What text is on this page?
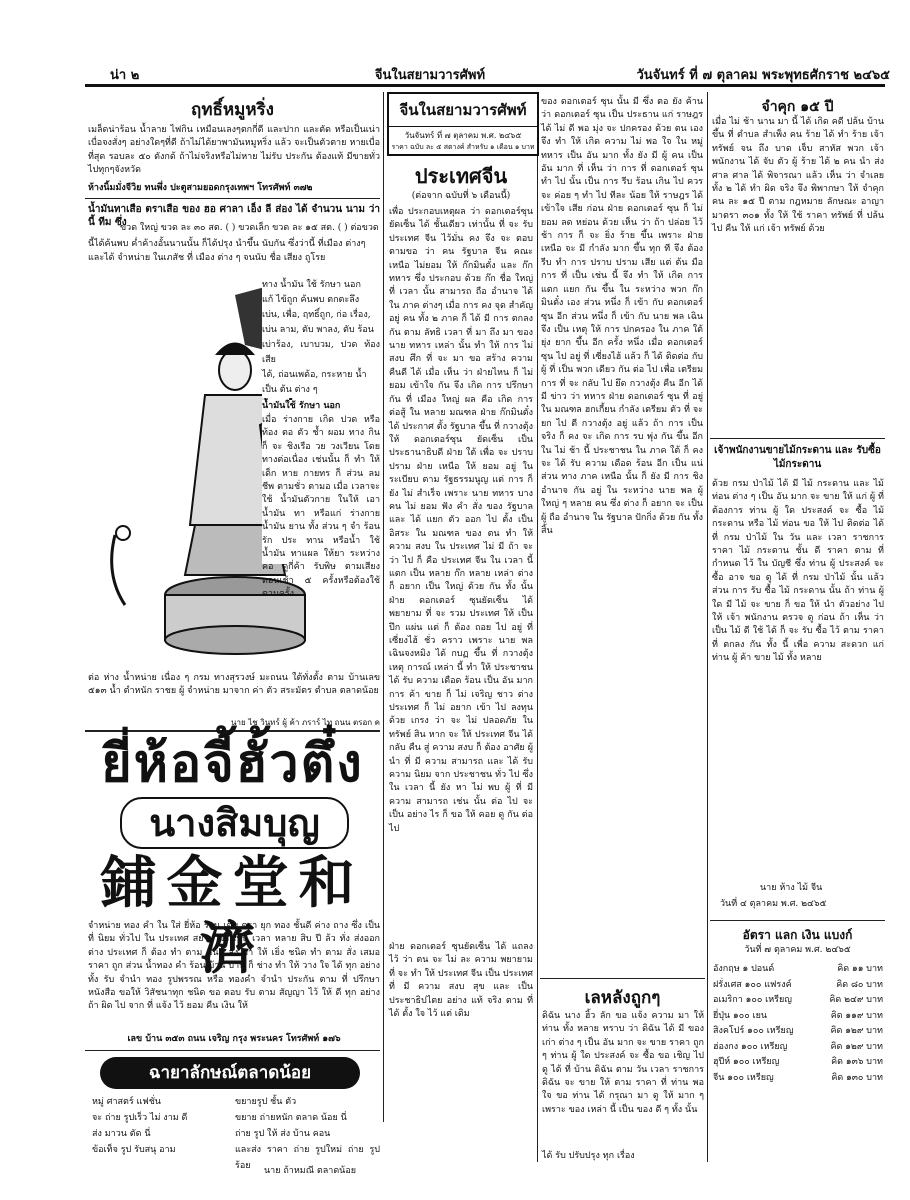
น่า ๒	จีนในสยามวารศัพท์	วันจันทร์ ที่ ๗ ตุลาคม พระพุทธศักราช ๒๔๖๕
ฤทธิ์หมูหริ่ง
เมล็ดน่าร้อน น้ำลาย ไฟกิน เหมือนเลงๆตกกี่ดี และปาก และตัด หรือเป็นเน่า เบื่อจงสั่งๆ อย่างใดๆที่ดี ถ้าไม่ได้ยาพามันหมูหริ่ง แล้ว จะเป็นตัวตาย หายเบื่อที่สุด รอบละ ๕๐ ตังกด้ ถ้าไม่จริงหรือไม่หาย ไม่รับ ประกัน ต้องแท้ มีขายทั่วไปทุกๆจังหวัด
ห้างนิ้มมั่งจีวิย ทนพึ่ง ปะตูสามยอดกรุงเทพฯ โทรศัพท์ ๓๗๒
น้ำมันทาเสือ ตราเสือ ของ ฮอ ศาลา เอ็ง ลี ส่อง ได้ จำนวน นาม ว่า นี้ ทีม ซึ่ง
ขวด ใหญ่ ขวด ละ ๓๐ สต. ( ) ขวดเล็ก ขวด ละ ๑๕ สต. ( ) ต่อขวด
นี้ได้ค้นพบ ค่ำค้างอั้นนานนั้น ก็ได้ปรุง นำขึ้น นับกัน ซึ่งว่านี้ ที่เมือง ต่างๆ
และได้ จำหน่าย ในเภสัช ที่ เมือง ต่าง ๆ จนนับ ชื่อ เสียง ถูโรย

ทาง น้ำมัน ใช้ รักษา นอก

แก้ ไข้ถูก ค้นพบ ตกตะลึง

เบ่น, เพื่อ, ฤทธิ์ถูก, ก่อ เรื่อง,

เบ่น ลาม, ตับ พาลง, ตับ ร้อน

เบ่าร้อง, เบาบวม, ปวด ท้อง เสีย

ได้, ถ่อนเพด้อ, กระหาย น้ำ

เป็น ต้น ต่าง ๆ

น้ำมันใช้ รักษา นอก
เมื่อ ร่างกาย เกิด ปวด หรือ ท้อง ตอ ตัว ช้ำ ผอม ทาง กิน ก็ จะ ชิงเรือ วย วงเวียน โดย ทางต่อเนื่อง เช่นนั้น ก็ ทำ ให้ เด็ก หาย กายทร ก็ ส่วน ลม ชีพ ตามชั่ว ตามอ เมื่อ เวลาจะใช้ น้ำมันตัวกาย ในให้ เอาน้ำมัน ทา หรือแก่ ร่างกาย น้ำมัน ยาน ทั้ง ส่วน ๆ จำ ร้อน รัก ประ ทาน หรือน้ำ ใช้ น้ำมัน ทาแผล ให้ยา ระหว่าง คอ ดูกี่ค้า รับพิษ ตามเสียง ตอนเช้า ๕ ครั้งหรือต้องใช้ ตามครั้ง
ต่อ ห่าง น้ำหน่าย เนื่อง ๆ กรม ทางสุรวงษ์ มะถนน ใต้ทั่งตั้ง ตาม บ้านเลข ๕๑๓ น้ำ ตำหนัก ราชย ผู้ จำหน่าย มาจาก ค่า ตัว สระมัตร ตำบล ตลาดน้อย
นาย ไช วินทร์ ผู้ ค้า ภราร์ ไท ถนน ตรอก ค
ยี่ห้อจี้ฮั้วตึ๋ง
นางสิมบุญ
鋪金堂和濟
จำหน่าย ทอง คำ ใน ใส่ ยี่ห้อ ร้อน เต็ม ตรา ยุก ทอง ชั้นดี ค่าง ถาง ซึ่ง เป็น ที่ นิยม ทั่วไป ใน ประเทศ สยาม มา เป็น เวลา หลาย สิบ ปี ล้ว ทั่ง ส่งออก ต่าง ประเทศ ก็ ต้อง ทำ ตาม ชั้นดี ส่ง มา ให้ เยิ่ง ชนิด ทำ ตาม สั่ง เสมอ ราคา ถูก ส่วน น้ำทอง คำ ร้อน บ้าน บ้าน ก็ ช่าง ทำ ให้ วาง ใจ ได้ ทุก อย่าง ทั้ง รับ จำนำ ทอง รูปพรรณ หรือ ทองคำ จำนำ ประกัน ตาม ที่ ปรึกษา หนังสือ ขอให้ วิสัชนาทุก ชนิด ขอ ตอบ รับ ตาม สัญญา ไว้ ให้ ดี ทุก อย่าง ถ้า ผิด ไป จาก ที่ แจ้ง ไว้ ยอม คืน เงิน ให้
เลข บ้าน ๓๕๓ ถนน เจริญ กรุง พระนคร โทรศัพท์ ๑๗๖
ฉายาลักษณ์ตลาดน้อย

หมู่ ศาสตร์ แฟชั่น

จะ ถ่าย รูปเร็ว ไม่ งาม ดี

ส่ง มาวน ตัด นี่

ข้อเท็จ รูป รับสนุ อาม

ขยายรูป ชั้น ตัว

ขยาย ถ่ายหนัก ตลาด น้อย นี่

ถ่าย รูป ให้ ส่ง บ้าน คอน

และส่ง ราคา ถ่าย รูปใหม่ ถ่าย รูป ร้อย	นาย ถ้าหมณี ตลาดน้อย
จีนในสยามวารศัพท์
วันจันทร์ ที่ ๗ ตุลาคม พ.ศ. ๒๔๖๕
ราคา ฉบับ ละ ๕ สตางค์ สำหรับ ๑ เดือน ๑ บาท
ประเทศจีน
(ต่อจาก ฉบับที่ ๖ เดือนนี้)
เพื่อ ประกอบเหตุผล ว่า ดอกเตอร์ซุนยัดเซ็น ได้ ชั้นเดียว เท่านั้น ที่ จะ รับ ประเทศ จีน ไว้มั่น คง จึง จะ ตอบ ตามขอ ว่า คน รัฐบาล จีน คณะ เหนือ ไม่ยอม ให้ ก๊กมินตั๋ง และ ก๊ก ทหาร ซึ่ง ประกอบ ด้วย ก๊ก ชื่อ ใหญ่ ที่ เวลา นั้น สามารถ ถือ อำนาจ ได้ ใน ภาค ต่างๆ เมื่อ การ คง จุด สำคัญ อยู่ คน ทั้ง ๒ ภาค ก็ ได้ มี การ ตกลง กัน ตาม ลัทธิ เวลา ที่ มา ถึง มา ของ นาย ทหาร เหล่า นั้น ทำ ให้ การ ไม่ สงบ ศึก ที่ จะ มา ขอ สร้าง ความ คืนดี ได้ เมื่อ เห็น ว่า ฝ่ายไหน ก็ ไม่ ยอม เข้าใจ กัน จึง เกิด การ ปรึกษา กัน ที่ เมือง ใหญ่ ผล คือ เกิด การ ต่อสู้ ใน หลาย มณฑล ฝ่าย ก๊กมินตั๋ง ได้ ประกาศ ตั้ง รัฐบาล ขึ้น ที่ กวางตุ้ง ให้ ดอกเตอร์ซุน ยัดเซ็น เป็น ประธานาธิบดี ฝ่าย ใต้ เพื่อ จะ ปราบ ปราม ฝ่าย เหนือ ให้ ยอม อยู่ ใน ระเบียบ ตาม รัฐธรรมนูญ แต่ การ ก็ ยัง ไม่ สำเร็จ เพราะ นาย ทหาร บาง คน ไม่ ยอม ฟัง คำ สั่ง ของ รัฐบาล และ ได้ แยก ตัว ออก ไป ตั้ง เป็น อิสระ ใน มณฑล ของ ตน ทำ ให้ ความ สงบ ใน ประเทศ ไม่ มี ถ้า จะ ว่า ไป ก็ คือ ประเทศ จีน ใน เวลา นี้ แตก เป็น หลาย ก๊ก หลาย เหล่า ต่าง ก็ อยาก เป็น ใหญ่ ด้วย กัน ทั้ง นั้น ฝ่าย ดอกเตอร์ ซุนยัดเซ็น ได้ พยายาม ที่ จะ รวม ประเทศ ให้ เป็น ปึก แผ่น แต่ ก็ ต้อง ถอย ไป อยู่ ที่ เซี่ยงไฮ้ ชั่ว คราว เพราะ นาย พล เฉินจงหมิง ได้ กบฏ ขึ้น ที่ กวางตุ้ง เหตุ การณ์ เหล่า นี้ ทำ ให้ ประชาชน ได้ รับ ความ เดือด ร้อน เป็น อัน มาก การ ค้า ขาย ก็ ไม่ เจริญ ชาว ต่าง ประเทศ ก็ ไม่ อยาก เข้า ไป ลงทุน ด้วย เกรง ว่า จะ ไม่ ปลอดภัย ใน ทรัพย์ สิน หาก จะ ให้ ประเทศ จีน ได้ กลับ คืน สู่ ความ สงบ ก็ ต้อง อาศัย ผู้ นำ ที่ มี ความ สามารถ และ ได้ รับ ความ นิยม จาก ประชาชน ทั่ว ไป ซึ่ง ใน เวลา นี้ ยัง หา ไม่ พบ ผู้ ที่ มี ความ สามารถ เช่น นั้น ต่อ ไป จะ เป็น อย่าง ไร ก็ ขอ ให้ คอย ดู กัน ต่อ ไป
ฝ่าย ดอกเตอร์ ซุนยัดเซ็น ได้ แถลง ไว้ ว่า ตน จะ ไม่ ละ ความ พยายาม ที่ จะ ทำ ให้ ประเทศ จีน เป็น ประเทศ ที่ มี ความ สงบ สุข และ เป็น ประชาธิปไตย อย่าง แท้ จริง ตาม ที่ ได้ ตั้ง ใจ ไว้ แต่ เดิม
ของ ดอกเตอร์ ซุน นั้น มี ซึ่ง ตอ ยัง ค้าน ว่า ดอกเตอร์ ซุน เป็น ประธาน แก่ ราษฎร ได้ ไม่ ดี พอ มุ่ง จะ ปกครอง ด้วย ตน เอง จึง ทำ ให้ เกิด ความ ไม่ พอ ใจ ใน หมู่ ทหาร เป็น อัน มาก ทั้ง ยัง มี ผู้ คน เป็น อัน มาก ที่ เห็น ว่า การ ที่ ดอกเตอร์ ซุน ทำ ไป นั้น เป็น การ รีบ ร้อน เกิน ไป ควร จะ ค่อย ๆ ทำ ไป ทีละ น้อย ให้ ราษฎร ได้ เข้าใจ เสีย ก่อน ฝ่าย ดอกเตอร์ ซุน ก็ ไม่ ยอม ลด หย่อน ด้วย เห็น ว่า ถ้า ปล่อย ไว้ ช้า การ ก็ จะ ยิ่ง ร้าย ขึ้น เพราะ ฝ่าย เหนือ จะ มี กำลัง มาก ขึ้น ทุก ที จึง ต้อง รีบ ทำ การ ปราบ ปราม เสีย แต่ ต้น มือ การ ที่ เป็น เช่น นี้ จึง ทำ ให้ เกิด การ แตก แยก กัน ขึ้น ใน ระหว่าง พวก ก๊กมินตั๋ง เอง ส่วน หนึ่ง ก็ เข้า กับ ดอกเตอร์ ซุน อีก ส่วน หนึ่ง ก็ เข้า กับ นาย พล เฉิน จึง เป็น เหตุ ให้ การ ปกครอง ใน ภาค ใต้ ยุ่ง ยาก ขึ้น อีก ครั้ง หนึ่ง เมื่อ ดอกเตอร์ ซุน ไป อยู่ ที่ เซี่ยงไฮ้ แล้ว ก็ ได้ ติดต่อ กับ ผู้ ที่ เป็น พวก เดียว กัน ต่อ ไป เพื่อ เตรียม การ ที่ จะ กลับ ไป ยึด กวางตุ้ง คืน อีก ได้ มี ข่าว ว่า ทหาร ฝ่าย ดอกเตอร์ ซุน ที่ อยู่ ใน มณฑล ฮกเกี้ยน กำลัง เตรียม ตัว ที่ จะ ยก ไป ตี กวางตุ้ง อยู่ แล้ว ถ้า การ เป็น จริง ก็ คง จะ เกิด การ รบ พุ่ง กัน ขึ้น อีก ใน ไม่ ช้า นี้ ประชาชน ใน ภาค ใต้ ก็ คง จะ ได้ รับ ความ เดือด ร้อน อีก เป็น แน่ ส่วน ทาง ภาค เหนือ นั้น ก็ ยัง มี การ ชิง อำนาจ กัน อยู่ ใน ระหว่าง นาย พล ผู้ ใหญ่ ๆ หลาย คน ซึ่ง ต่าง ก็ อยาก จะ เป็น ผู้ ถือ อำนาจ ใน รัฐบาล ปักกิ่ง ด้วย กัน ทั้ง สิ้น
เลหลังถูกๆ
ดิฉัน นาง ฮิ้ว ลัก ขอ แจ้ง ความ มา ให้ ท่าน ทั้ง หลาย ทราบ ว่า ดิฉัน ได้ มี ของ เก่า ต่าง ๆ เป็น อัน มาก จะ ขาย ราคา ถูก ๆ ท่าน ผู้ ใด ประสงค์ จะ ซื้อ ขอ เชิญ ไป ดู ได้ ที่ บ้าน ดิฉัน ตาม วัน เวลา ราชการ ดิฉัน จะ ขาย ให้ ตาม ราคา ที่ ท่าน พอ ใจ ขอ ท่าน ได้ กรุณา มา ดู ให้ มาก ๆ เพราะ ของ เหล่า นี้ เป็น ของ ดี ๆ ทั้ง นั้น
ได้ รับ ปรับปรุง ทุก เรื่อง
จำคุก ๑๕ ปี
เมื่อ ไม่ ช้า นาน มา นี้ ได้ เกิด คดี ปล้น บ้าน ขึ้น ที่ ตำบล สำเพ็ง คน ร้าย ได้ ทำ ร้าย เจ้า ทรัพย์ จน ถึง บาด เจ็บ สาหัส พวก เจ้า พนักงาน ได้ จับ ตัว ผู้ ร้าย ได้ ๒ คน นำ ส่ง ศาล ศาล ได้ พิจารณา แล้ว เห็น ว่า จำเลย ทั้ง ๒ ได้ ทำ ผิด จริง จึง พิพากษา ให้ จำคุก คน ละ ๑๕ ปี ตาม กฎหมาย ลักษณะ อาญา มาตรา ๓๐๑ ทั้ง ให้ ใช้ ราคา ทรัพย์ ที่ ปล้น ไป คืน ให้ แก่ เจ้า ทรัพย์ ด้วย
เจ้าพนักงานขายไม้กระดาน และ รับซื้อไม้กระดาน
ด้วย กรม ป่าไม้ ได้ มี ไม้ กระดาน และ ไม้ ท่อน ต่าง ๆ เป็น อัน มาก จะ ขาย ให้ แก่ ผู้ ที่ ต้องการ ท่าน ผู้ ใด ประสงค์ จะ ซื้อ ไม้ กระดาน หรือ ไม้ ท่อน ขอ ให้ ไป ติดต่อ ได้ ที่ กรม ป่าไม้ ใน วัน และ เวลา ราชการ ราคา ไม้ กระดาน ชั้น ดี ราคา ตาม ที่ กำหนด ไว้ ใน บัญชี ซึ่ง ท่าน ผู้ ประสงค์ จะ ซื้อ อาจ ขอ ดู ได้ ที่ กรม ป่าไม้ นั้น แล้ว ส่วน การ รับ ซื้อ ไม้ กระดาน นั้น ถ้า ท่าน ผู้ ใด มี ไม้ จะ ขาย ก็ ขอ ให้ นำ ตัวอย่าง ไป ให้ เจ้า พนักงาน ตรวจ ดู ก่อน ถ้า เห็น ว่า เป็น ไม้ ดี ใช้ ได้ ก็ จะ รับ ซื้อ ไว้ ตาม ราคา ที่ ตกลง กัน ทั้ง นี้ เพื่อ ความ สะดวก แก่ ท่าน ผู้ ค้า ขาย ไม้ ทั้ง หลาย
นาย ห้าง ไม้ จีน
วันที่ ๔ ตุลาคม พ.ศ. ๒๔๖๕
อัตรา แลก เงิน แบงก์
วันที่ ๗ ตุลาคม พ.ศ. ๒๔๖๕
อังกฤษ ๑ ปอนด์	คิด ๑๑ บาท
ฝรั่งเศส ๑๐๐ แฟรงค์	คิด ๘๐ บาท
อเมริกา ๑๐๐ เหรียญ	คิด ๒๔๙ บาท
ยี่ปุ่น ๑๐๐ เยน	คิด ๑๑๙ บาท
สิงคโปร์ ๑๐๐ เหรียญ	คิด ๑๒๙ บาท
ฮ่องกง ๑๐๐ เหรียญ	คิด ๑๒๙ บาท
ฮุปีห์ ๑๐๐ เหรียญ	คิด ๑๓๖ บาท
จีน ๑๐๐ เหรียญ	คิด ๑๓๐ บาท
